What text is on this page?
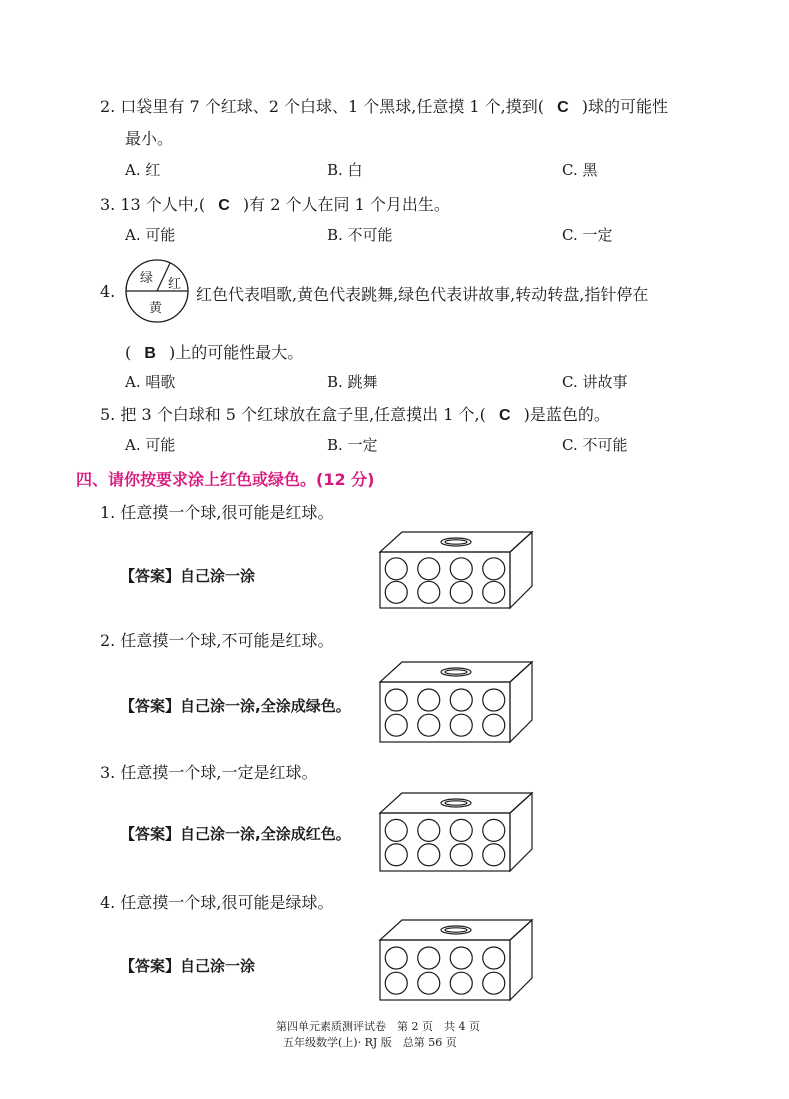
2. 口袋里有 7 个红球、2 个白球、1 个黑球,任意摸 1 个,摸到( C )球的可能性
最小。
A. 红	B. 白	C. 黑
3. 13 个人中,( C )有 2 个人在同 1 个月出生。
A. 可能	B. 不可能	C. 一定
4.
绿 红
黄
红色代表唱歌,黄色代表跳舞,绿色代表讲故事,转动转盘,指针停在
( B )上的可能性最大。
A. 唱歌	B. 跳舞	C. 讲故事
5. 把 3 个白球和 5 个红球放在盒子里,任意摸出 1 个,( C )是蓝色的。
A. 可能	B. 一定	C. 不可能
四、请你按要求涂上红色或绿色。(12 分)
1. 任意摸一个球,很可能是红球。
【答案】自己涂一涂
2. 任意摸一个球,不可能是红球。
【答案】自己涂一涂,全涂成绿色。
3. 任意摸一个球,一定是红球。
【答案】自己涂一涂,全涂成红色。
4. 任意摸一个球,很可能是绿球。
【答案】自己涂一涂
第四单元素质测评试卷　第 2 页　共 4 页
五年级数学(上)· RJ 版　总第 56 页
